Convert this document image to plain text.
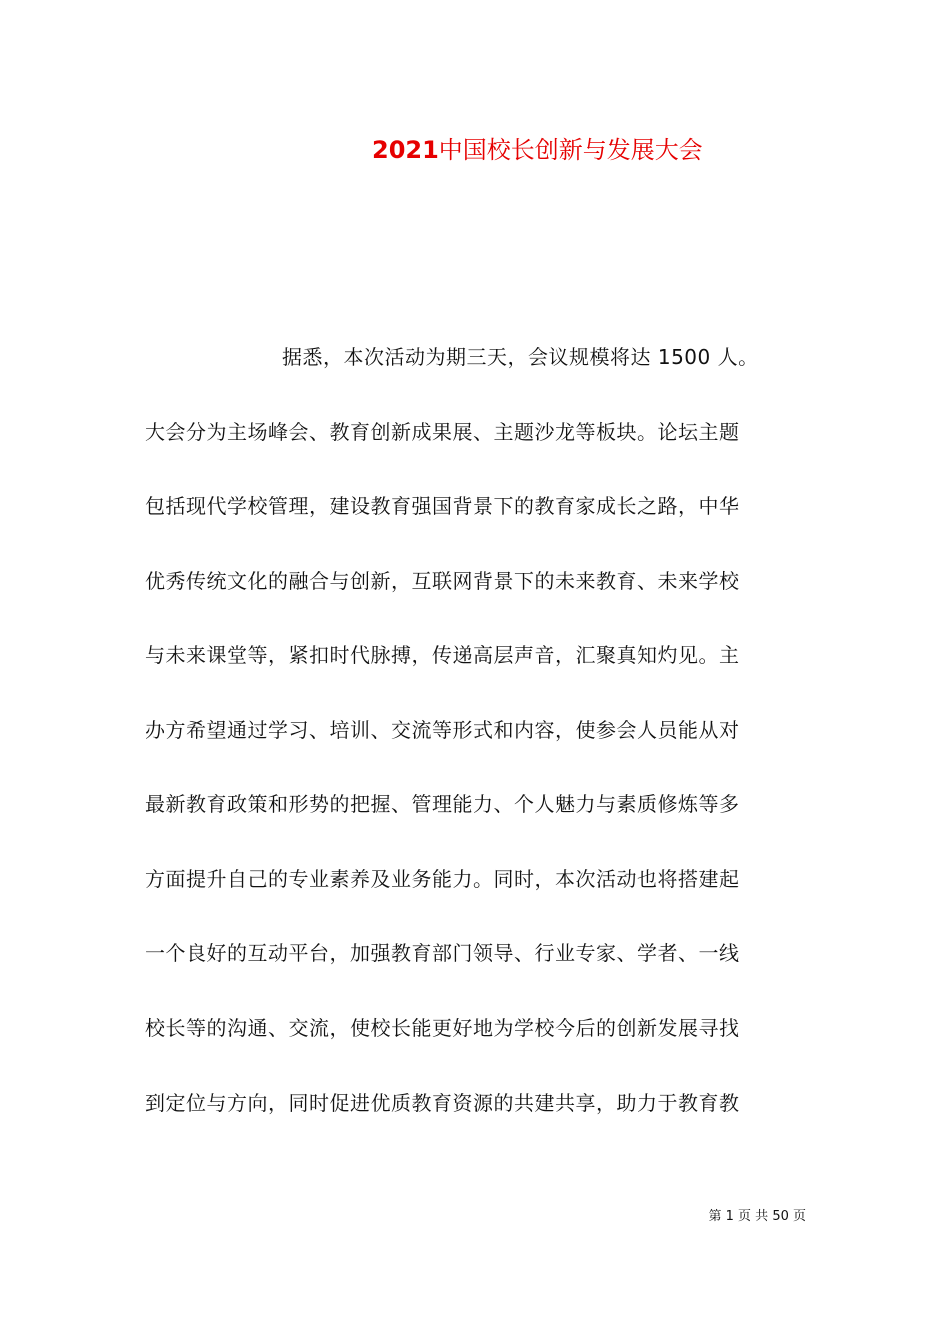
2021中国校长创新与发展大会
据悉，本次活动为期三天，会议规模将达 1500 人。
大会分为主场峰会、教育创新成果展、主题沙龙等板块。论坛主题
包括现代学校管理，建设教育强国背景下的教育家成长之路，中华
优秀传统文化的融合与创新，互联网背景下的未来教育、未来学校
与未来课堂等，紧扣时代脉搏，传递高层声音，汇聚真知灼见。主
办方希望通过学习、培训、交流等形式和内容，使参会人员能从对
最新教育政策和形势的把握、管理能力、个人魅力与素质修炼等多
方面提升自己的专业素养及业务能力。同时，本次活动也将搭建起
一个良好的互动平台，加强教育部门领导、行业专家、学者、一线
校长等的沟通、交流，使校长能更好地为学校今后的创新发展寻找
到定位与方向，同时促进优质教育资源的共建共享，助力于教育教
第 1 页 共 50 页
